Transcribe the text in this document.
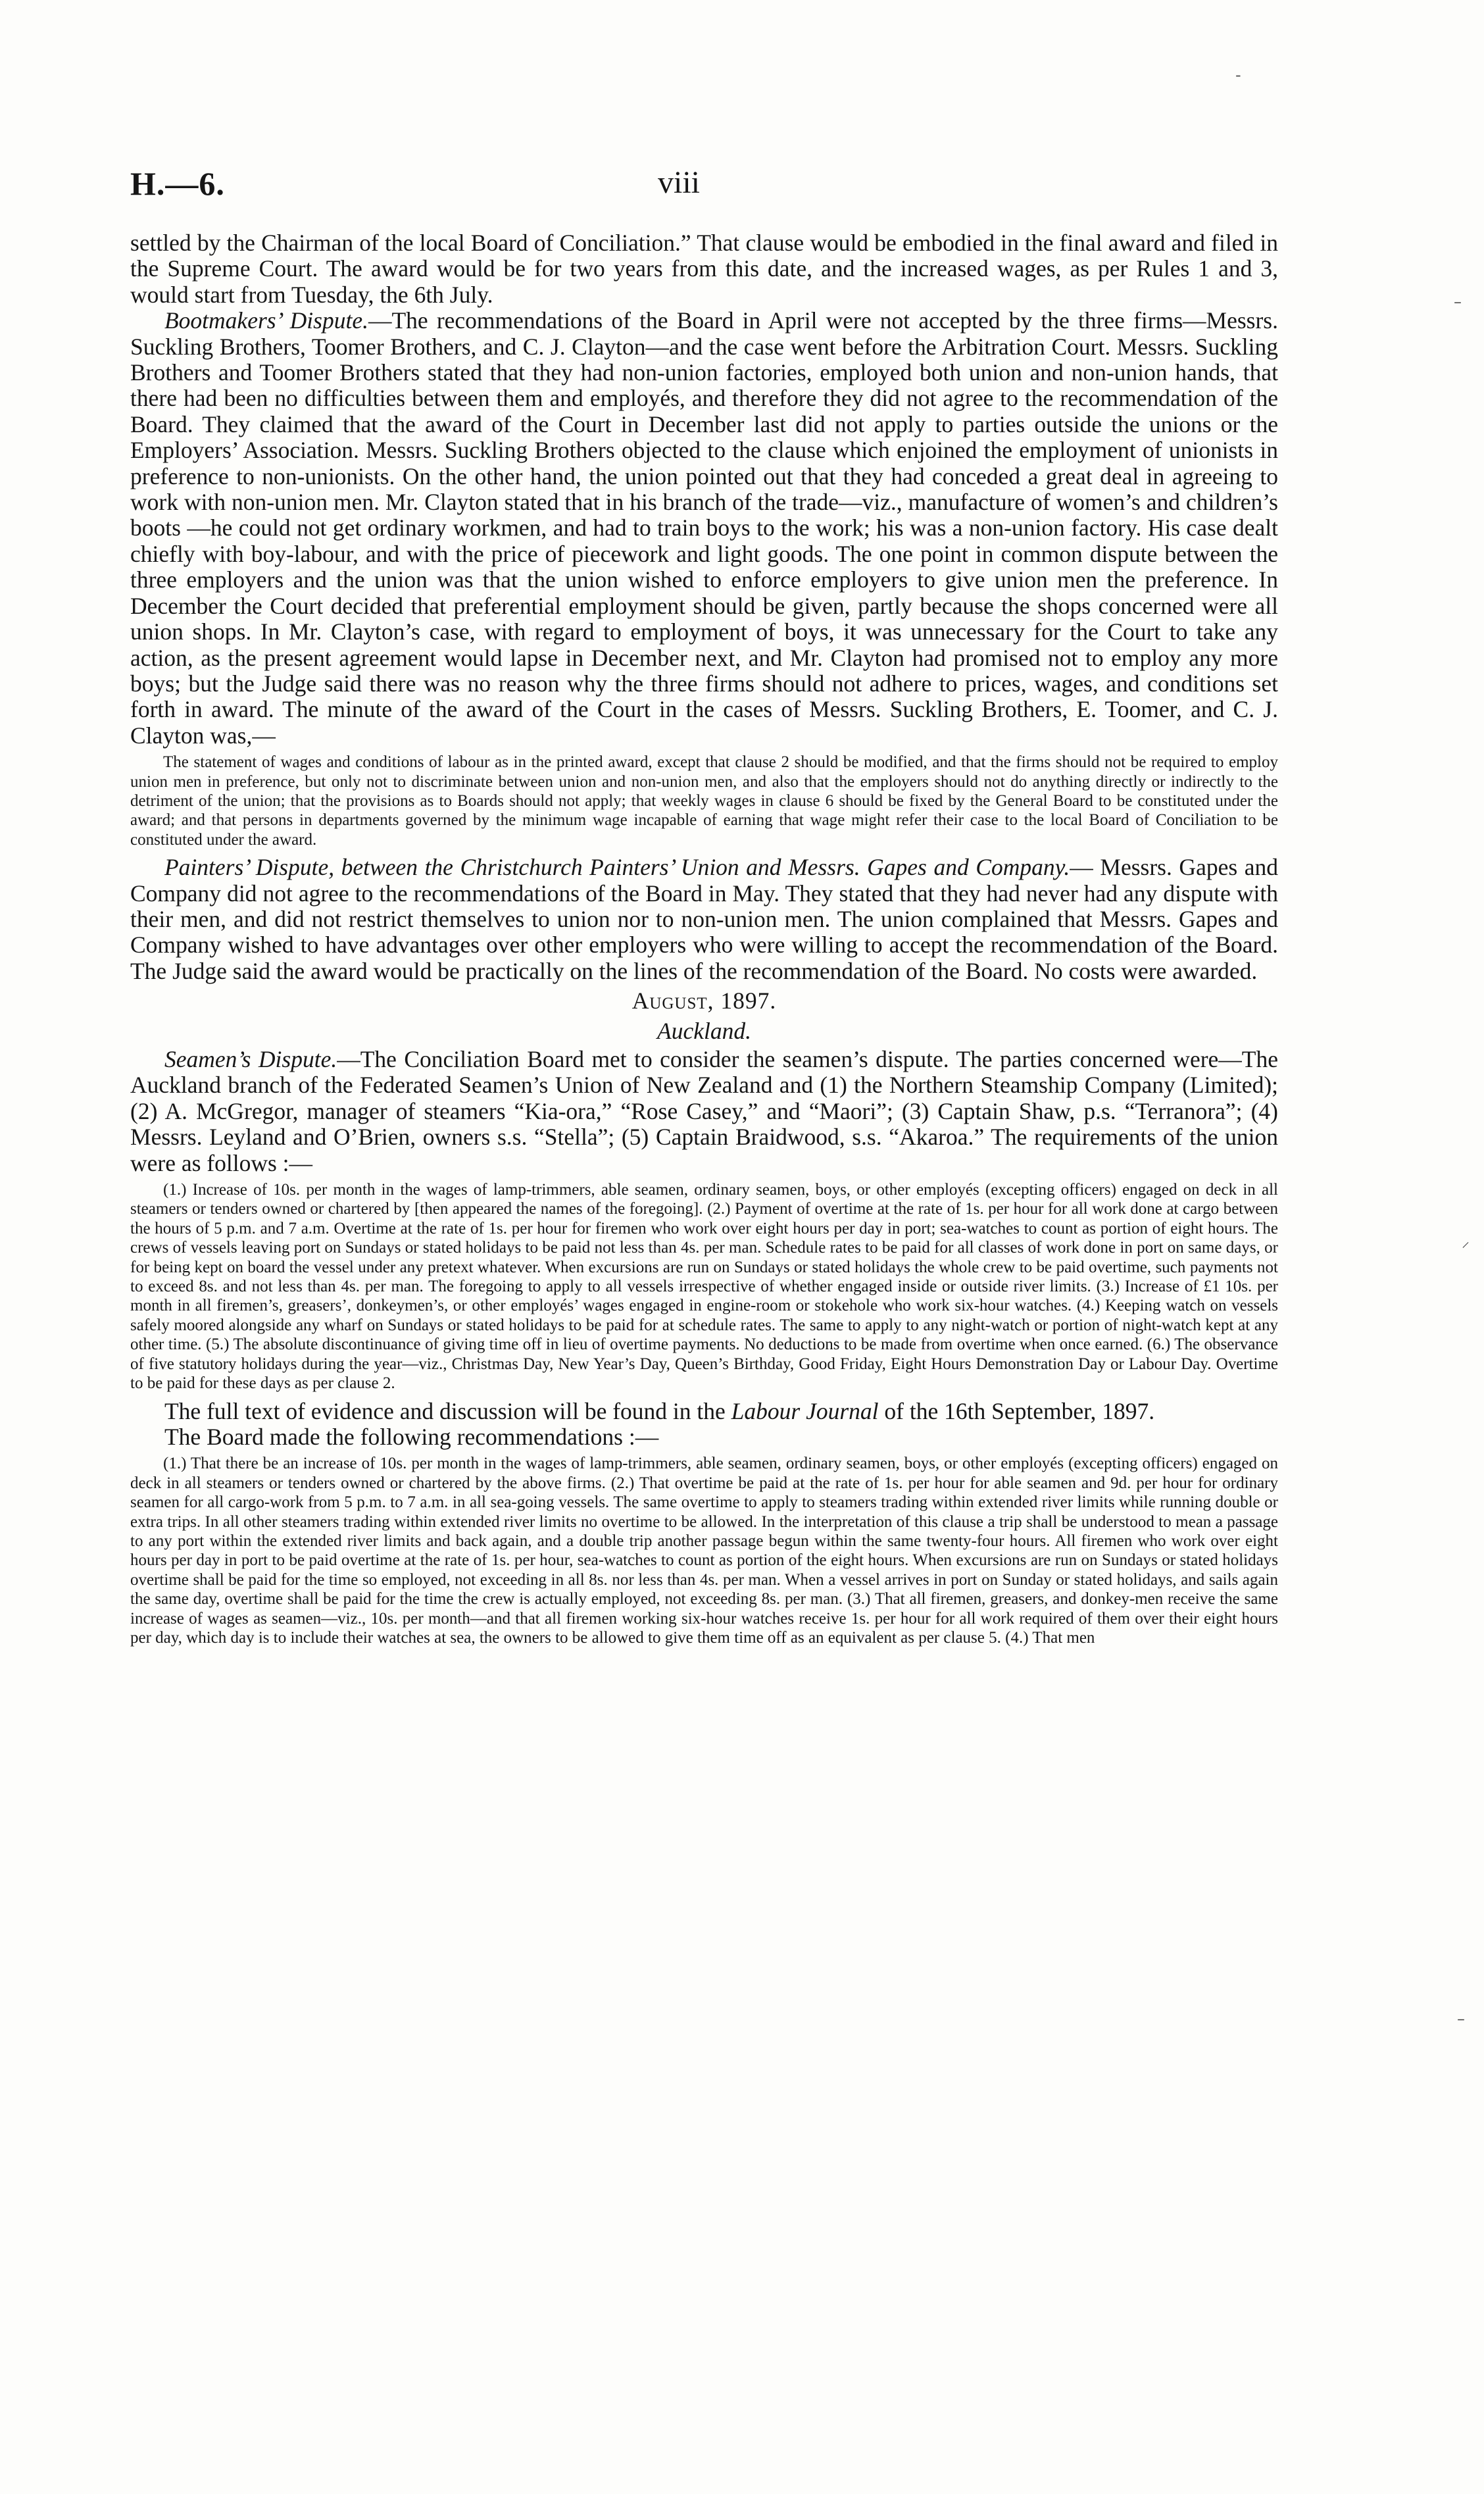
H.—6.	viii
-
–
⸝
–

settled by the Chairman of the local Board of Conciliation.” That clause would be embodied in the final award and filed in the Supreme Court. The award would be for two years from this date, and the increased wages, as per Rules 1 and 3, would start from Tuesday, the 6th July.

Bootmakers’ Dispute.—The recommendations of the Board in April were not accepted by the three firms—Messrs. Suckling Brothers, Toomer Brothers, and C. J. Clayton—and the case went before the Arbitration Court. Messrs. Suckling Brothers and Toomer Brothers stated that they had non-union factories, employed both union and non-union hands, that there had been no difficulties between them and employés, and therefore they did not agree to the recommendation of the Board. They claimed that the award of the Court in December last did not apply to parties outside the unions or the Employers’ Association. Messrs. Suckling Brothers objected to the clause which enjoined the employment of unionists in preference to non-unionists. On the other hand, the union pointed out that they had conceded a great deal in agreeing to work with non-union men. Mr. Clayton stated that in his branch of the trade—viz., manufacture of women’s and children’s boots —he could not get ordinary workmen, and had to train boys to the work; his was a non-union factory. His case dealt chiefly with boy-labour, and with the price of piecework and light goods. The one point in common dispute between the three employers and the union was that the union wished to enforce employers to give union men the preference. In December the Court decided that preferential employment should be given, partly because the shops concerned were all union shops. In Mr. Clayton’s case, with regard to employment of boys, it was unnecessary for the Court to take any action, as the present agreement would lapse in December next, and Mr. Clayton had promised not to employ any more boys; but the Judge said there was no reason why the three firms should not adhere to prices, wages, and conditions set forth in award. The minute of the award of the Court in the cases of Messrs. Suckling Brothers, E. Toomer, and C. J. Clayton was,—

The statement of wages and conditions of labour as in the printed award, except that clause 2 should be modified, and that the firms should not be required to employ union men in preference, but only not to discriminate between union and non-union men, and also that the employers should not do anything directly or indirectly to the detriment of the union; that the provisions as to Boards should not apply; that weekly wages in clause 6 should be fixed by the General Board to be constituted under the award; and that persons in departments governed by the minimum wage incapable of earning that wage might refer their case to the local Board of Conciliation to be constituted under the award.

Painters’ Dispute, between the Christchurch Painters’ Union and Messrs. Gapes and Company.— Messrs. Gapes and Company did not agree to the recommendations of the Board in May. They stated that they had never had any dispute with their men, and did not restrict themselves to union nor to non-union men. The union complained that Messrs. Gapes and Company wished to have advantages over other employers who were willing to accept the recommendation of the Board. The Judge said the award would be practically on the lines of the recommendation of the Board. No costs were awarded.

August, 1897.
Auckland.

Seamen’s Dispute.—The Conciliation Board met to consider the seamen’s dispute. The parties concerned were—The Auckland branch of the Federated Seamen’s Union of New Zealand and (1) the Northern Steamship Company (Limited); (2) A. McGregor, manager of steamers “Kia-ora,” “Rose Casey,” and “Maori”; (3) Captain Shaw, p.s. “Terranora”; (4) Messrs. Leyland and O’Brien, owners s.s. “Stella”; (5) Captain Braidwood, s.s. “Akaroa.” The requirements of the union were as follows :—

(1.) Increase of 10s. per month in the wages of lamp-trimmers, able seamen, ordinary seamen, boys, or other employés (excepting officers) engaged on deck in all steamers or tenders owned or chartered by [then appeared the names of the foregoing]. (2.) Payment of overtime at the rate of 1s. per hour for all work done at cargo between the hours of 5 p.m. and 7 a.m. Overtime at the rate of 1s. per hour for firemen who work over eight hours per day in port; sea-watches to count as portion of eight hours. The crews of vessels leaving port on Sundays or stated holidays to be paid not less than 4s. per man. Schedule rates to be paid for all classes of work done in port on same days, or for being kept on board the vessel under any pretext whatever. When excursions are run on Sundays or stated holidays the whole crew to be paid overtime, such payments not to exceed 8s. and not less than 4s. per man. The foregoing to apply to all vessels irrespective of whether engaged inside or outside river limits. (3.) Increase of £1 10s. per month in all firemen’s, greasers’, donkeymen’s, or other employés’ wages engaged in engine-room or stokehole who work six-hour watches. (4.) Keeping watch on vessels safely moored alongside any wharf on Sundays or stated holidays to be paid for at schedule rates. The same to apply to any night-watch or portion of night-watch kept at any other time. (5.) The absolute discontinuance of giving time off in lieu of overtime payments. No deductions to be made from overtime when once earned. (6.) The observance of five statutory holidays during the year—viz., Christmas Day, New Year’s Day, Queen’s Birthday, Good Friday, Eight Hours Demonstration Day or Labour Day. Overtime to be paid for these days as per clause 2.

The full text of evidence and discussion will be found in the Labour Journal of the 16th September, 1897.

The Board made the following recommendations :—

(1.) That there be an increase of 10s. per month in the wages of lamp-trimmers, able seamen, ordinary seamen, boys, or other employés (excepting officers) engaged on deck in all steamers or tenders owned or chartered by the above firms. (2.) That overtime be paid at the rate of 1s. per hour for able seamen and 9d. per hour for ordinary seamen for all cargo-work from 5 p.m. to 7 a.m. in all sea-going vessels. The same overtime to apply to steamers trading within extended river limits while running double or extra trips. In all other steamers trading within extended river limits no overtime to be allowed. In the interpretation of this clause a trip shall be understood to mean a passage to any port within the extended river limits and back again, and a double trip another passage begun within the same twenty-four hours. All firemen who work over eight hours per day in port to be paid overtime at the rate of 1s. per hour, sea-watches to count as portion of the eight hours. When excursions are run on Sundays or stated holidays overtime shall be paid for the time so employed, not exceeding in all 8s. nor less than 4s. per man. When a vessel arrives in port on Sunday or stated holidays, and sails again the same day, overtime shall be paid for the time the crew is actually employed, not exceeding 8s. per man. (3.) That all firemen, greasers, and donkey-men receive the same increase of wages as seamen—viz., 10s. per month—and that all firemen working six-hour watches receive 1s. per hour for all work required of them over their eight hours per day, which day is to include their watches at sea, the owners to be allowed to give them time off as an equivalent as per clause 5. (4.) That men
